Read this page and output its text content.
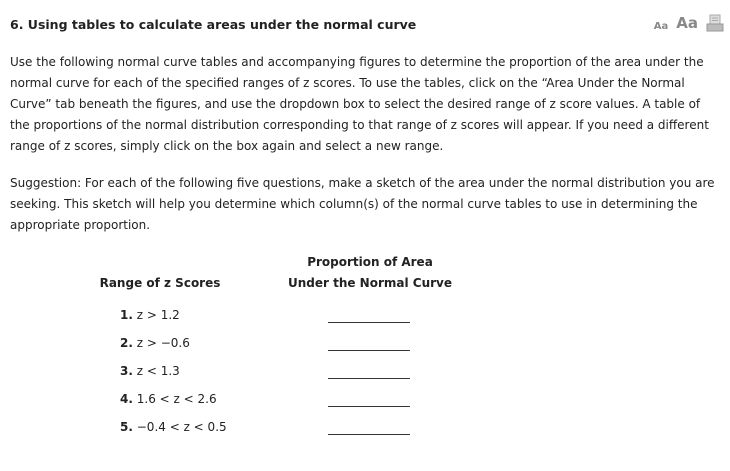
6. Using tables to calculate areas under the normal curve	Aa Aa
Use the following normal curve tables and accompanying figures to determine the proportion of the area under the
normal curve for each of the specified ranges of z scores. To use the tables, click on the “Area Under the Normal
Curve” tab beneath the figures, and use the dropdown box to select the desired range of z score values. A table of
the proportions of the normal distribution corresponding to that range of z scores will appear. If you need a different
range of z scores, simply click on the box again and select a new range.
Suggestion: For each of the following five questions, make a sketch of the area under the normal distribution you are
seeking. This sketch will help you determine which column(s) of the normal curve tables to use in determining the
appropriate proportion.
Range of z Scores
Proportion of Area
Under the Normal Curve
1. z > 1.2
2. z > −0.6
3. z < 1.3
4. 1.6 < z < 2.6
5. −0.4 < z < 0.5
